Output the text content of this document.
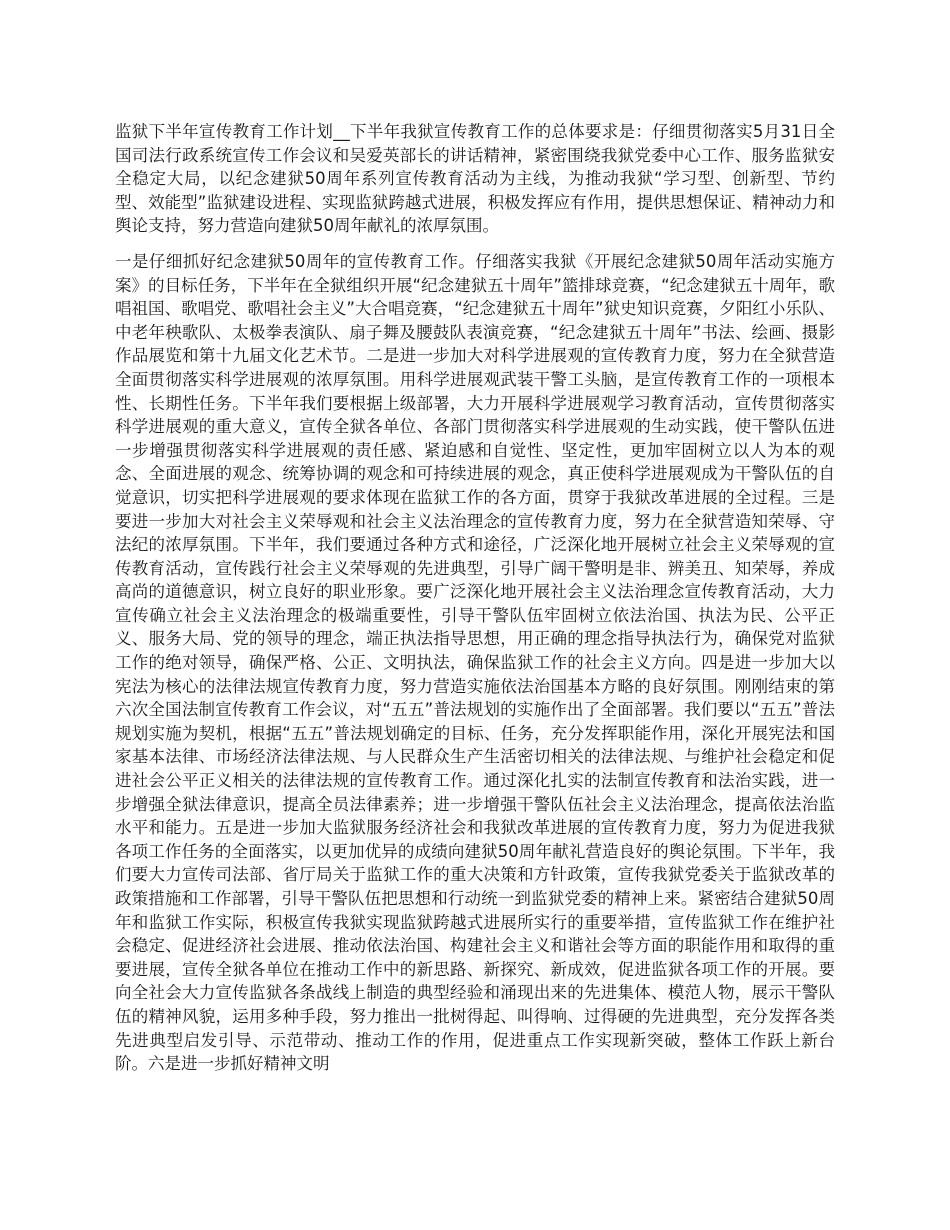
监狱下半年宣传教育工作计划__下半年我狱宣传教育工作的总体要求是：仔细贯彻落实5月31日全国司法行政系统宣传工作会议和吴爱英部长的讲话精神，紧密围绕我狱党委中心工作、服务监狱安全稳定大局，以纪念建狱50周年系列宣传教育活动为主线，为推动我狱“学习型、创新型、节约型、效能型”监狱建设进程、实现监狱跨越式进展，积极发挥应有作用，提供思想保证、精神动力和舆论支持，努力营造向建狱50周年献礼的浓厚氛围。

一是仔细抓好纪念建狱50周年的宣传教育工作。仔细落实我狱《开展纪念建狱50周年活动实施方案》的目标任务，下半年在全狱组织开展“纪念建狱五十周年”篮排球竞赛，“纪念建狱五十周年，歌唱祖国、歌唱党、歌唱社会主义”大合唱竞赛，“纪念建狱五十周年”狱史知识竞赛，夕阳红小乐队、中老年秧歌队、太极拳表演队、扇子舞及腰鼓队表演竞赛，“纪念建狱五十周年”书法、绘画、摄影作品展览和第十九届文化艺术节。二是进一步加大对科学进展观的宣传教育力度，努力在全狱营造全面贯彻落实科学进展观的浓厚氛围。用科学进展观武装干警工头脑，是宣传教育工作的一项根本性、长期性任务。下半年我们要根据上级部署，大力开展科学进展观学习教育活动，宣传贯彻落实科学进展观的重大意义，宣传全狱各单位、各部门贯彻落实科学进展观的生动实践，使干警队伍进一步增强贯彻落实科学进展观的责任感、紧迫感和自觉性、坚定性，更加牢固树立以人为本的观念、全面进展的观念、统筹协调的观念和可持续进展的观念，真正使科学进展观成为干警队伍的自觉意识，切实把科学进展观的要求体现在监狱工作的各方面，贯穿于我狱改革进展的全过程。三是要进一步加大对社会主义荣辱观和社会主义法治理念的宣传教育力度，努力在全狱营造知荣辱、守法纪的浓厚氛围。下半年，我们要通过各种方式和途径，广泛深化地开展树立社会主义荣辱观的宣传教育活动，宣传践行社会主义荣辱观的先进典型，引导广阔干警明是非、辨美丑、知荣辱，养成高尚的道德意识，树立良好的职业形象。要广泛深化地开展社会主义法治理念宣传教育活动，大力宣传确立社会主义法治理念的极端重要性，引导干警队伍牢固树立依法治国、执法为民、公平正义、服务大局、党的领导的理念，端正执法指导思想，用正确的理念指导执法行为，确保党对监狱工作的绝对领导，确保严格、公正、文明执法，确保监狱工作的社会主义方向。四是进一步加大以宪法为核心的法律法规宣传教育力度，努力营造实施依法治国基本方略的良好氛围。刚刚结束的第六次全国法制宣传教育工作会议，对“五五”普法规划的实施作出了全面部署。我们要以“五五”普法规划实施为契机，根据“五五”普法规划确定的目标、任务，充分发挥职能作用，深化开展宪法和国家基本法律、市场经济法律法规、与人民群众生产生活密切相关的法律法规、与维护社会稳定和促进社会公平正义相关的法律法规的宣传教育工作。通过深化扎实的法制宣传教育和法治实践，进一步增强全狱法律意识，提高全员法律素养；进一步增强干警队伍社会主义法治理念，提高依法治监水平和能力。五是进一步加大监狱服务经济社会和我狱改革进展的宣传教育力度，努力为促进我狱各项工作任务的全面落实，以更加优异的成绩向建狱50周年献礼营造良好的舆论氛围。下半年，我们要大力宣传司法部、省厅局关于监狱工作的重大决策和方针政策，宣传我狱党委关于监狱改革的政策措施和工作部署，引导干警队伍把思想和行动统一到监狱党委的精神上来。紧密结合建狱50周年和监狱工作实际，积极宣传我狱实现监狱跨越式进展所实行的重要举措，宣传监狱工作在维护社会稳定、促进经济社会进展、推动依法治国、构建社会主义和谐社会等方面的职能作用和取得的重要进展，宣传全狱各单位在推动工作中的新思路、新探究、新成效，促进监狱各项工作的开展。要向全社会大力宣传监狱各条战线上制造的典型经验和涌现出来的先进集体、模范人物，展示干警队伍的精神风貌，运用多种手段，努力推出一批树得起、叫得响、过得硬的先进典型，充分发挥各类先进典型启发引导、示范带动、推动工作的作用，促进重点工作实现新突破，整体工作跃上新台阶。六是进一步抓好精神文明
